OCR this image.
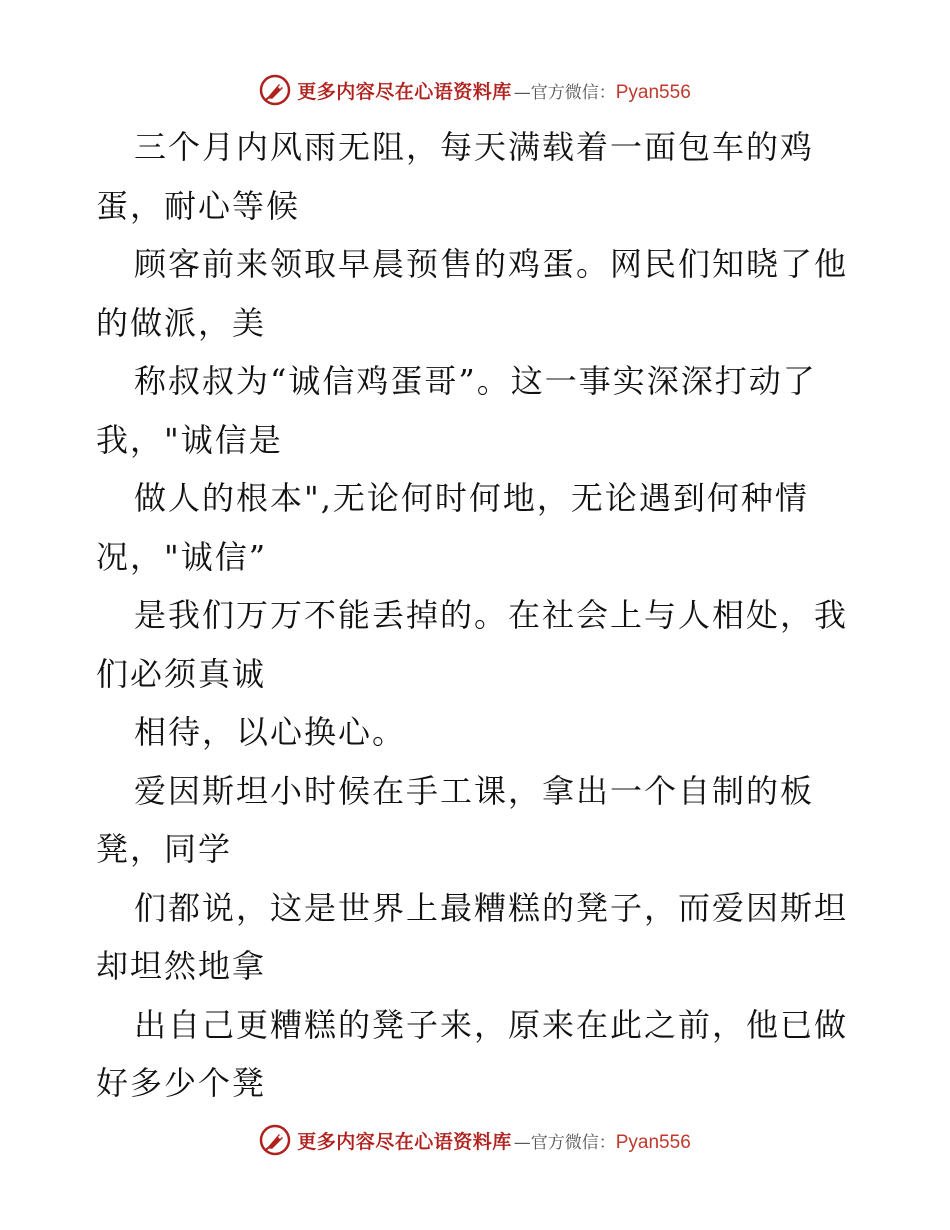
更多内容尽在心语资料库 —官方微信： Pyan556
三个月内风雨无阻，每天满载着一面包车的鸡
蛋，耐心等候
顾客前来领取早晨预售的鸡蛋。网民们知晓了他
的做派，美
称叔叔为“诚信鸡蛋哥”。这一事实深深打动了
我，"诚信是
做人的根本",无论何时何地，无论遇到何种情
况，"诚信”
是我们万万不能丢掉的。在社会上与人相处，我
们必须真诚
相待，以心换心。
爱因斯坦小时候在手工课，拿出一个自制的板
凳，同学
们都说，这是世界上最糟糕的凳子，而爱因斯坦
却坦然地拿
出自己更糟糕的凳子来，原来在此之前，他已做
好多少个凳
更多内容尽在心语资料库 —官方微信： Pyan556
